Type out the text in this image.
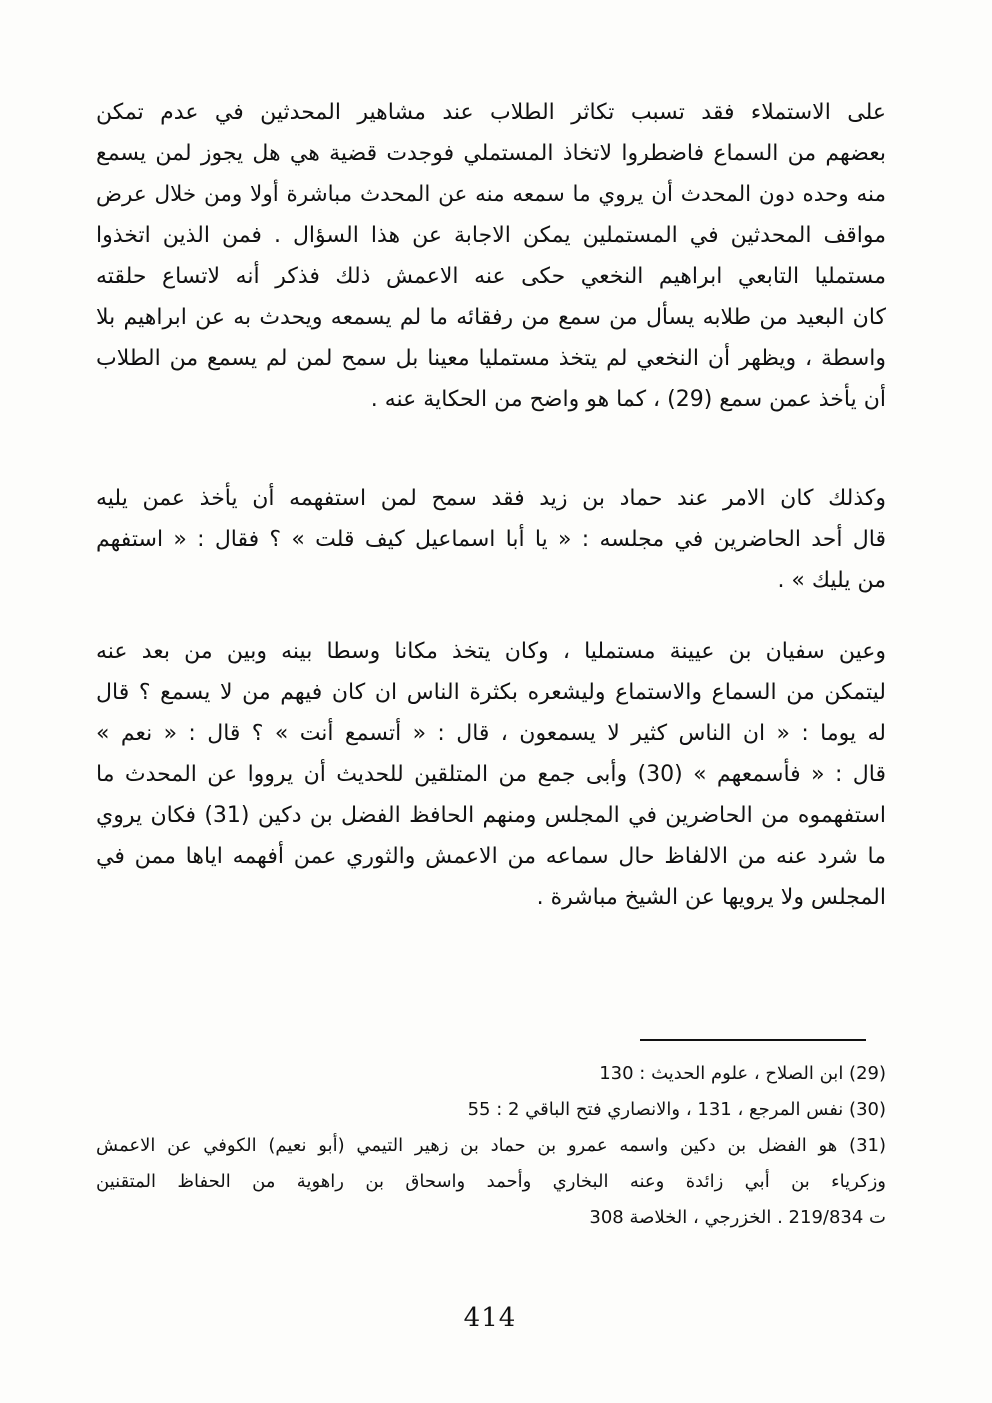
على الاستملاء فقد تسبب تكاثر الطلاب عند مشاهير المحدثين في عدم تمكن
بعضهم من السماع فاضطروا لاتخاذ المستملي فوجدت قضية هي هل يجوز لمن يسمع
منه وحده دون المحدث أن يروي ما سمعه منه عن المحدث مباشرة أولا ومن خلال عرض
مواقف المحدثين في المستملين يمكن الاجابة عن هذا السؤال . فمن الذين اتخذوا
مستمليا التابعي ابراهيم النخعي حكى عنه الاعمش ذلك فذكر أنه لاتساع حلقته
كان البعيد من طلابه يسأل من سمع من رفقائه ما لم يسمعه ويحدث به عن ابراهيم بلا
واسطة ، ويظهر أن النخعي لم يتخذ مستمليا معينا بل سمح لمن لم يسمع من الطلاب
أن يأخذ عمن سمع (29) ، كما هو واضح من الحكاية عنه .
وكذلك كان الامر عند حماد بن زيد فقد سمح لمن استفهمه أن يأخذ عمن يليه
قال أحد الحاضرين في مجلسه : « يا أبا اسماعيل كيف قلت » ؟ فقال : « استفهم
من يليك » .
وعين سفيان بن عيينة مستمليا ، وكان يتخذ مكانا وسطا بينه وبين من بعد عنه
ليتمكن من السماع والاستماع وليشعره بكثرة الناس ان كان فيهم من لا يسمع ؟ قال
له يوما : « ان الناس كثير لا يسمعون ، قال : « أتسمع أنت » ؟ قال : « نعم »
قال : « فأسمعهم » (30) وأبى جمع من المتلقين للحديث أن يرووا عن المحدث ما
استفهموه من الحاضرين في المجلس ومنهم الحافظ الفضل بن دكين (31) فكان يروي
ما شرد عنه من الالفاظ حال سماعه من الاعمش والثوري عمن أفهمه اياها ممن في
المجلس ولا يرويها عن الشيخ مباشرة .
(29) ابن الصلاح ، علوم الحديث : 130
(30) نفس المرجع ، 131 ، والانصاري فتح الباقي 2 : 55
(31) هو الفضل بن دكين واسمه عمرو بن حماد بن زهير التيمي (أبو نعيم) الكوفي عن الاعمش
وزكرياء بن أبي زائدة وعنه البخاري وأحمد واسحاق بن راهوية من الحفاظ المتقنين
ت 219/834 . الخزرجي ، الخلاصة 308
414
